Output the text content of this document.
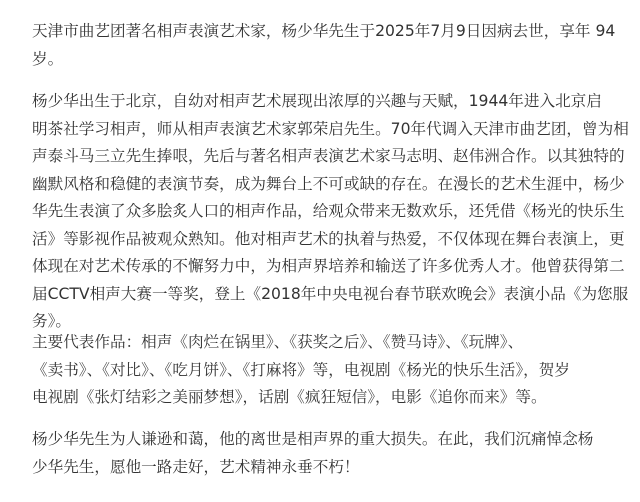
天津市曲艺团著名相声表演艺术家，杨少华先生于2025年7月9日因病去世，享年 94
岁。
杨少华出生于北京，自幼对相声艺术展现出浓厚的兴趣与天赋，1944年进入北京启
明茶社学习相声，师从相声表演艺术家郭荣启先生。70年代调入天津市曲艺团，曾为相
声泰斗马三立先生捧哏，先后与著名相声表演艺术家马志明、赵伟洲合作。以其独特的
幽默风格和稳健的表演节奏，成为舞台上不可或缺的存在。在漫长的艺术生涯中，杨少
华先生表演了众多脍炙人口的相声作品，给观众带来无数欢乐，还凭借《杨光的快乐生
活》等影视作品被观众熟知。他对相声艺术的执着与热爱，不仅体现在舞台表演上，更
体现在对艺术传承的不懈努力中，为相声界培养和输送了许多优秀人才。他曾获得第二
届CCTV相声大赛一等奖，登上《2018年中央电视台春节联欢晚会》表演小品《为您服
务》。
主要代表作品：相声《肉烂在锅里》、《获奖之后》、《赞马诗》、《玩牌》、
《卖书》、《对比》、《吃月饼》、《打麻将》等，电视剧《杨光的快乐生活》，贺岁
电视剧《张灯结彩之美丽梦想》，话剧《疯狂短信》，电影《追你而来》等。
杨少华先生为人谦逊和蔼，他的离世是相声界的重大损失。在此，我们沉痛悼念杨
少华先生，愿他一路走好，艺术精神永垂不朽！
